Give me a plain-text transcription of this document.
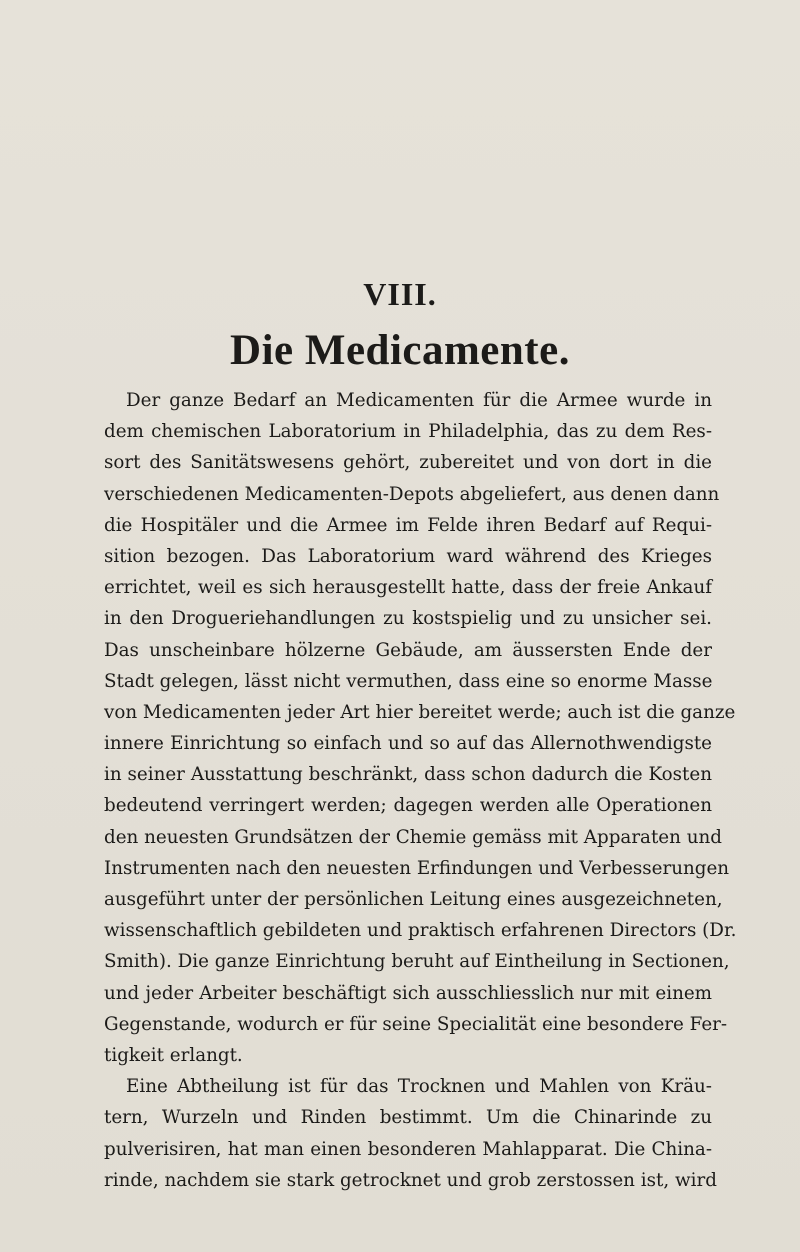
VIII.
Die Medicamente.
Der ganze Bedarf an Medicamenten für die Armee wurde in
dem chemischen Laboratorium in Philadelphia, das zu dem Res-
sort des Sanitätswesens gehört, zubereitet und von dort in die
verschiedenen Medicamenten-Depots abgeliefert, aus denen dann
die Hospitäler und die Armee im Felde ihren Bedarf auf Requi-
sition bezogen. Das Laboratorium ward während des Krieges
errichtet, weil es sich herausgestellt hatte, dass der freie Ankauf
in den Drogueriehandlungen zu kostspielig und zu unsicher sei.
Das unscheinbare hölzerne Gebäude, am äussersten Ende der
Stadt gelegen, lässt nicht vermuthen, dass eine so enorme Masse
von Medicamenten jeder Art hier bereitet werde; auch ist die ganze
innere Einrichtung so einfach und so auf das Allernothwendigste
in seiner Ausstattung beschränkt, dass schon dadurch die Kosten
bedeutend verringert werden; dagegen werden alle Operationen
den neuesten Grundsätzen der Chemie gemäss mit Apparaten und
Instrumenten nach den neuesten Erfindungen und Verbesserungen
ausgeführt unter der persönlichen Leitung eines ausgezeichneten,
wissenschaftlich gebildeten und praktisch erfahrenen Directors (Dr.
Smith). Die ganze Einrichtung beruht auf Eintheilung in Sectionen,
und jeder Arbeiter beschäftigt sich ausschliesslich nur mit einem
Gegenstande, wodurch er für seine Specialität eine besondere Fer-
tigkeit erlangt.
Eine Abtheilung ist für das Trocknen und Mahlen von Kräu-
tern, Wurzeln und Rinden bestimmt. Um die Chinarinde zu
pulverisiren, hat man einen besonderen Mahlapparat. Die China-
rinde, nachdem sie stark getrocknet und grob zerstossen ist, wird
